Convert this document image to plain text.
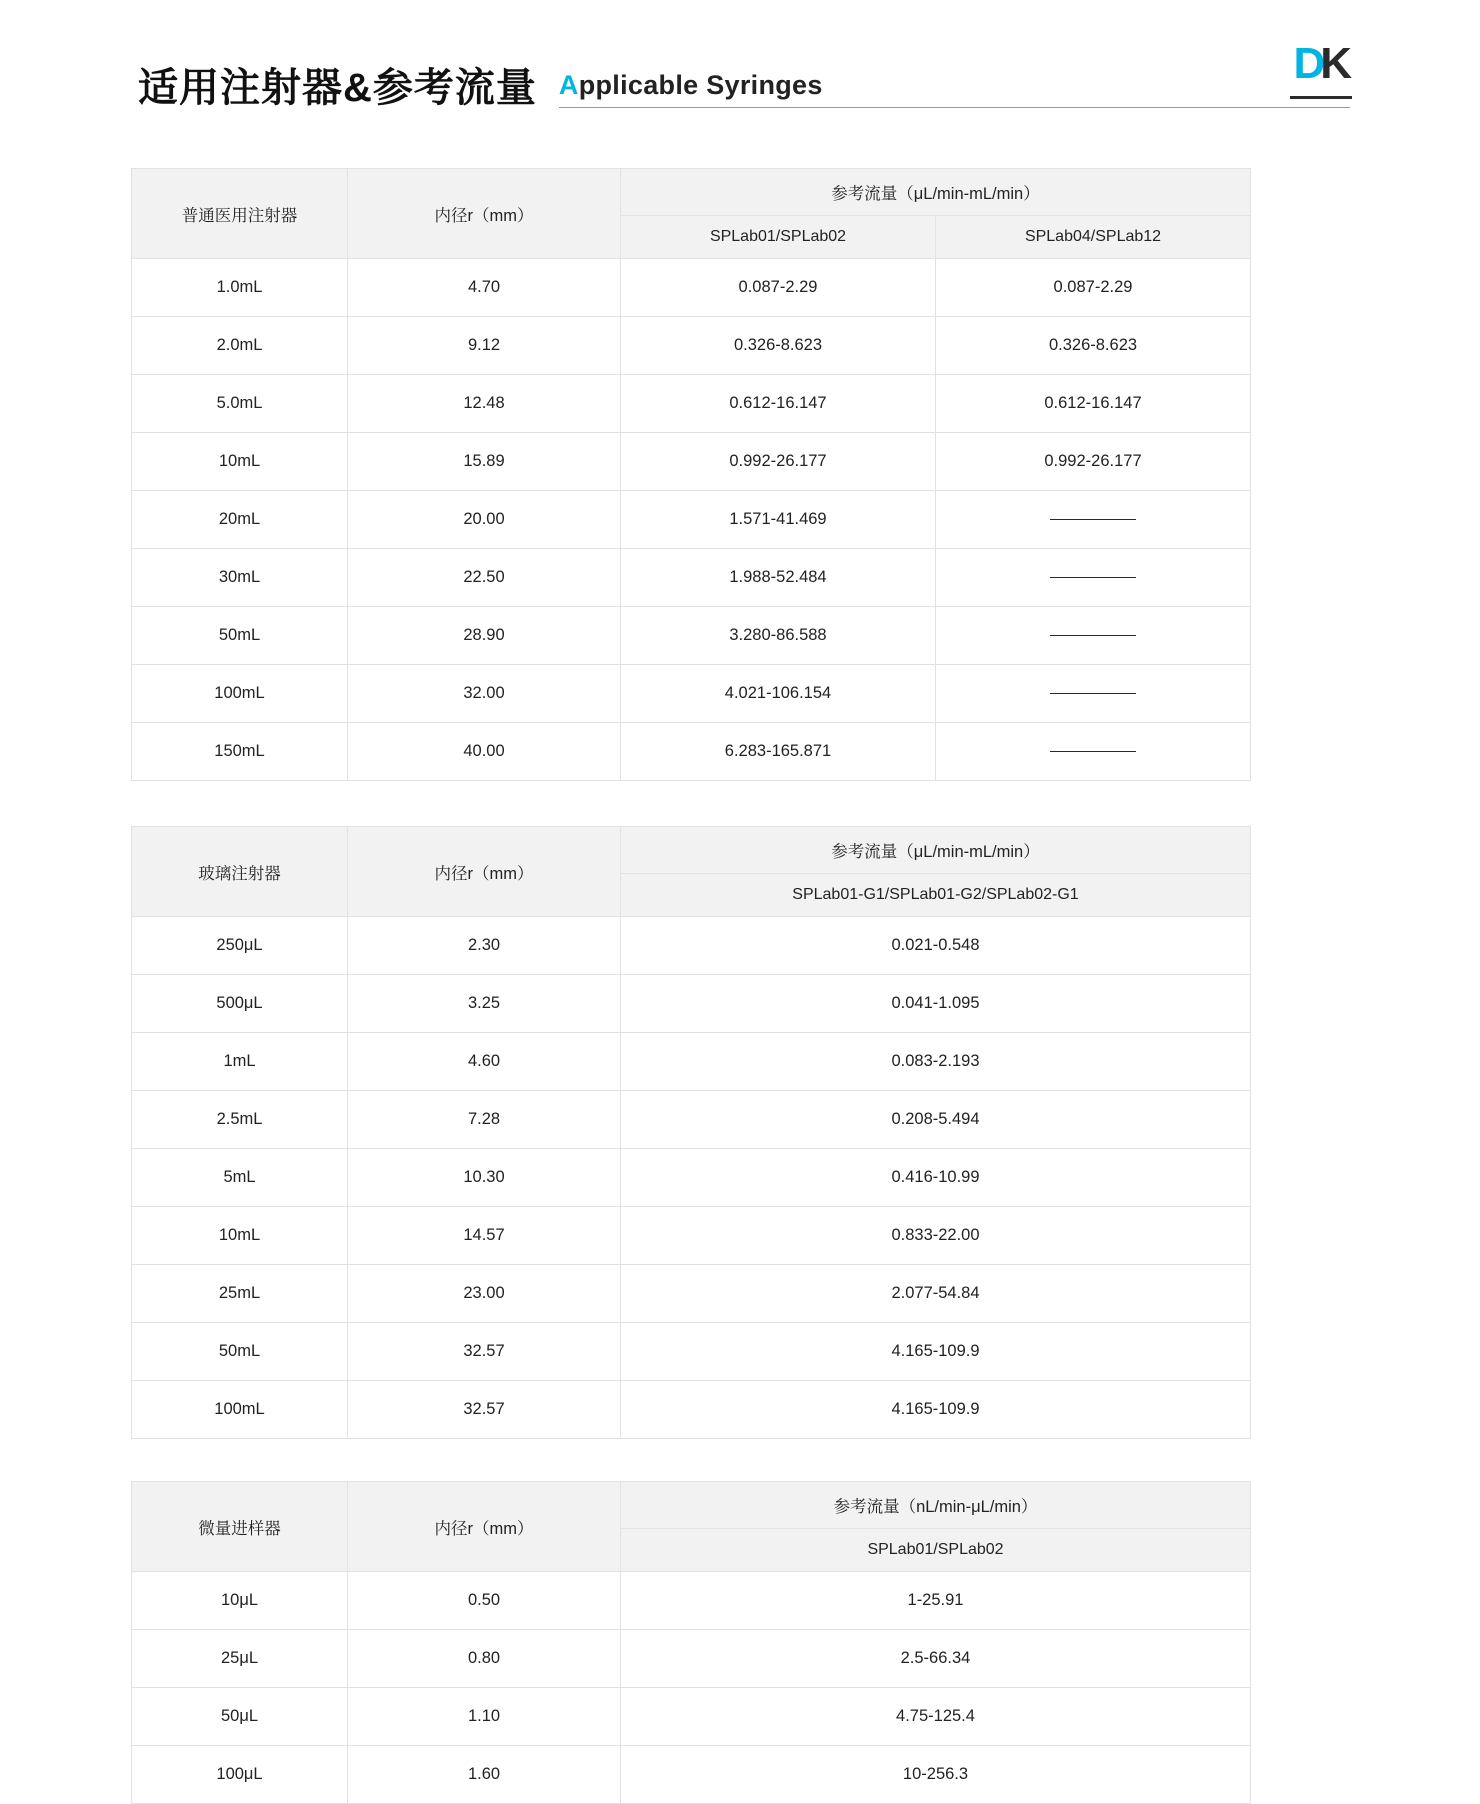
适用注射器&参考流量 Applicable Syringes	D
K
普通医用注射器	内径r（mm）	参考流量（μL/min-mL/min）	
		SPLab01/SPLab02	SPLab04/SPLab12
1.0mL	4.70	0.087-2.29	0.087-2.29
2.0mL	9.12	0.326-8.623	0.326-8.623
5.0mL	12.48	0.612-16.147	0.612-16.147
10mL	15.89	0.992-26.177	0.992-26.177
20mL	20.00	1.571-41.469	
30mL	22.50	1.988-52.484	
50mL	28.90	3.280-86.588	
100mL	32.00	4.021-106.154	
150mL	40.00	6.283-165.871	
玻璃注射器	内径r（mm）	参考流量（μL/min-mL/min）
		SPLab01-G1/SPLab01-G2/SPLab02-G1
250μL	2.30	0.021-0.548
500μL	3.25	0.041-1.095
1mL	4.60	0.083-2.193
2.5mL	7.28	0.208-5.494
5mL	10.30	0.416-10.99
10mL	14.57	0.833-22.00
25mL	23.00	2.077-54.84
50mL	32.57	4.165-109.9
100mL	32.57	4.165-109.9
微量进样器	内径r（mm）	参考流量（nL/min-μL/min）
		SPLab01/SPLab02
10μL	0.50	1-25.91
25μL	0.80	2.5-66.34
50μL	1.10	4.75-125.4
100μL	1.60	10-256.3
